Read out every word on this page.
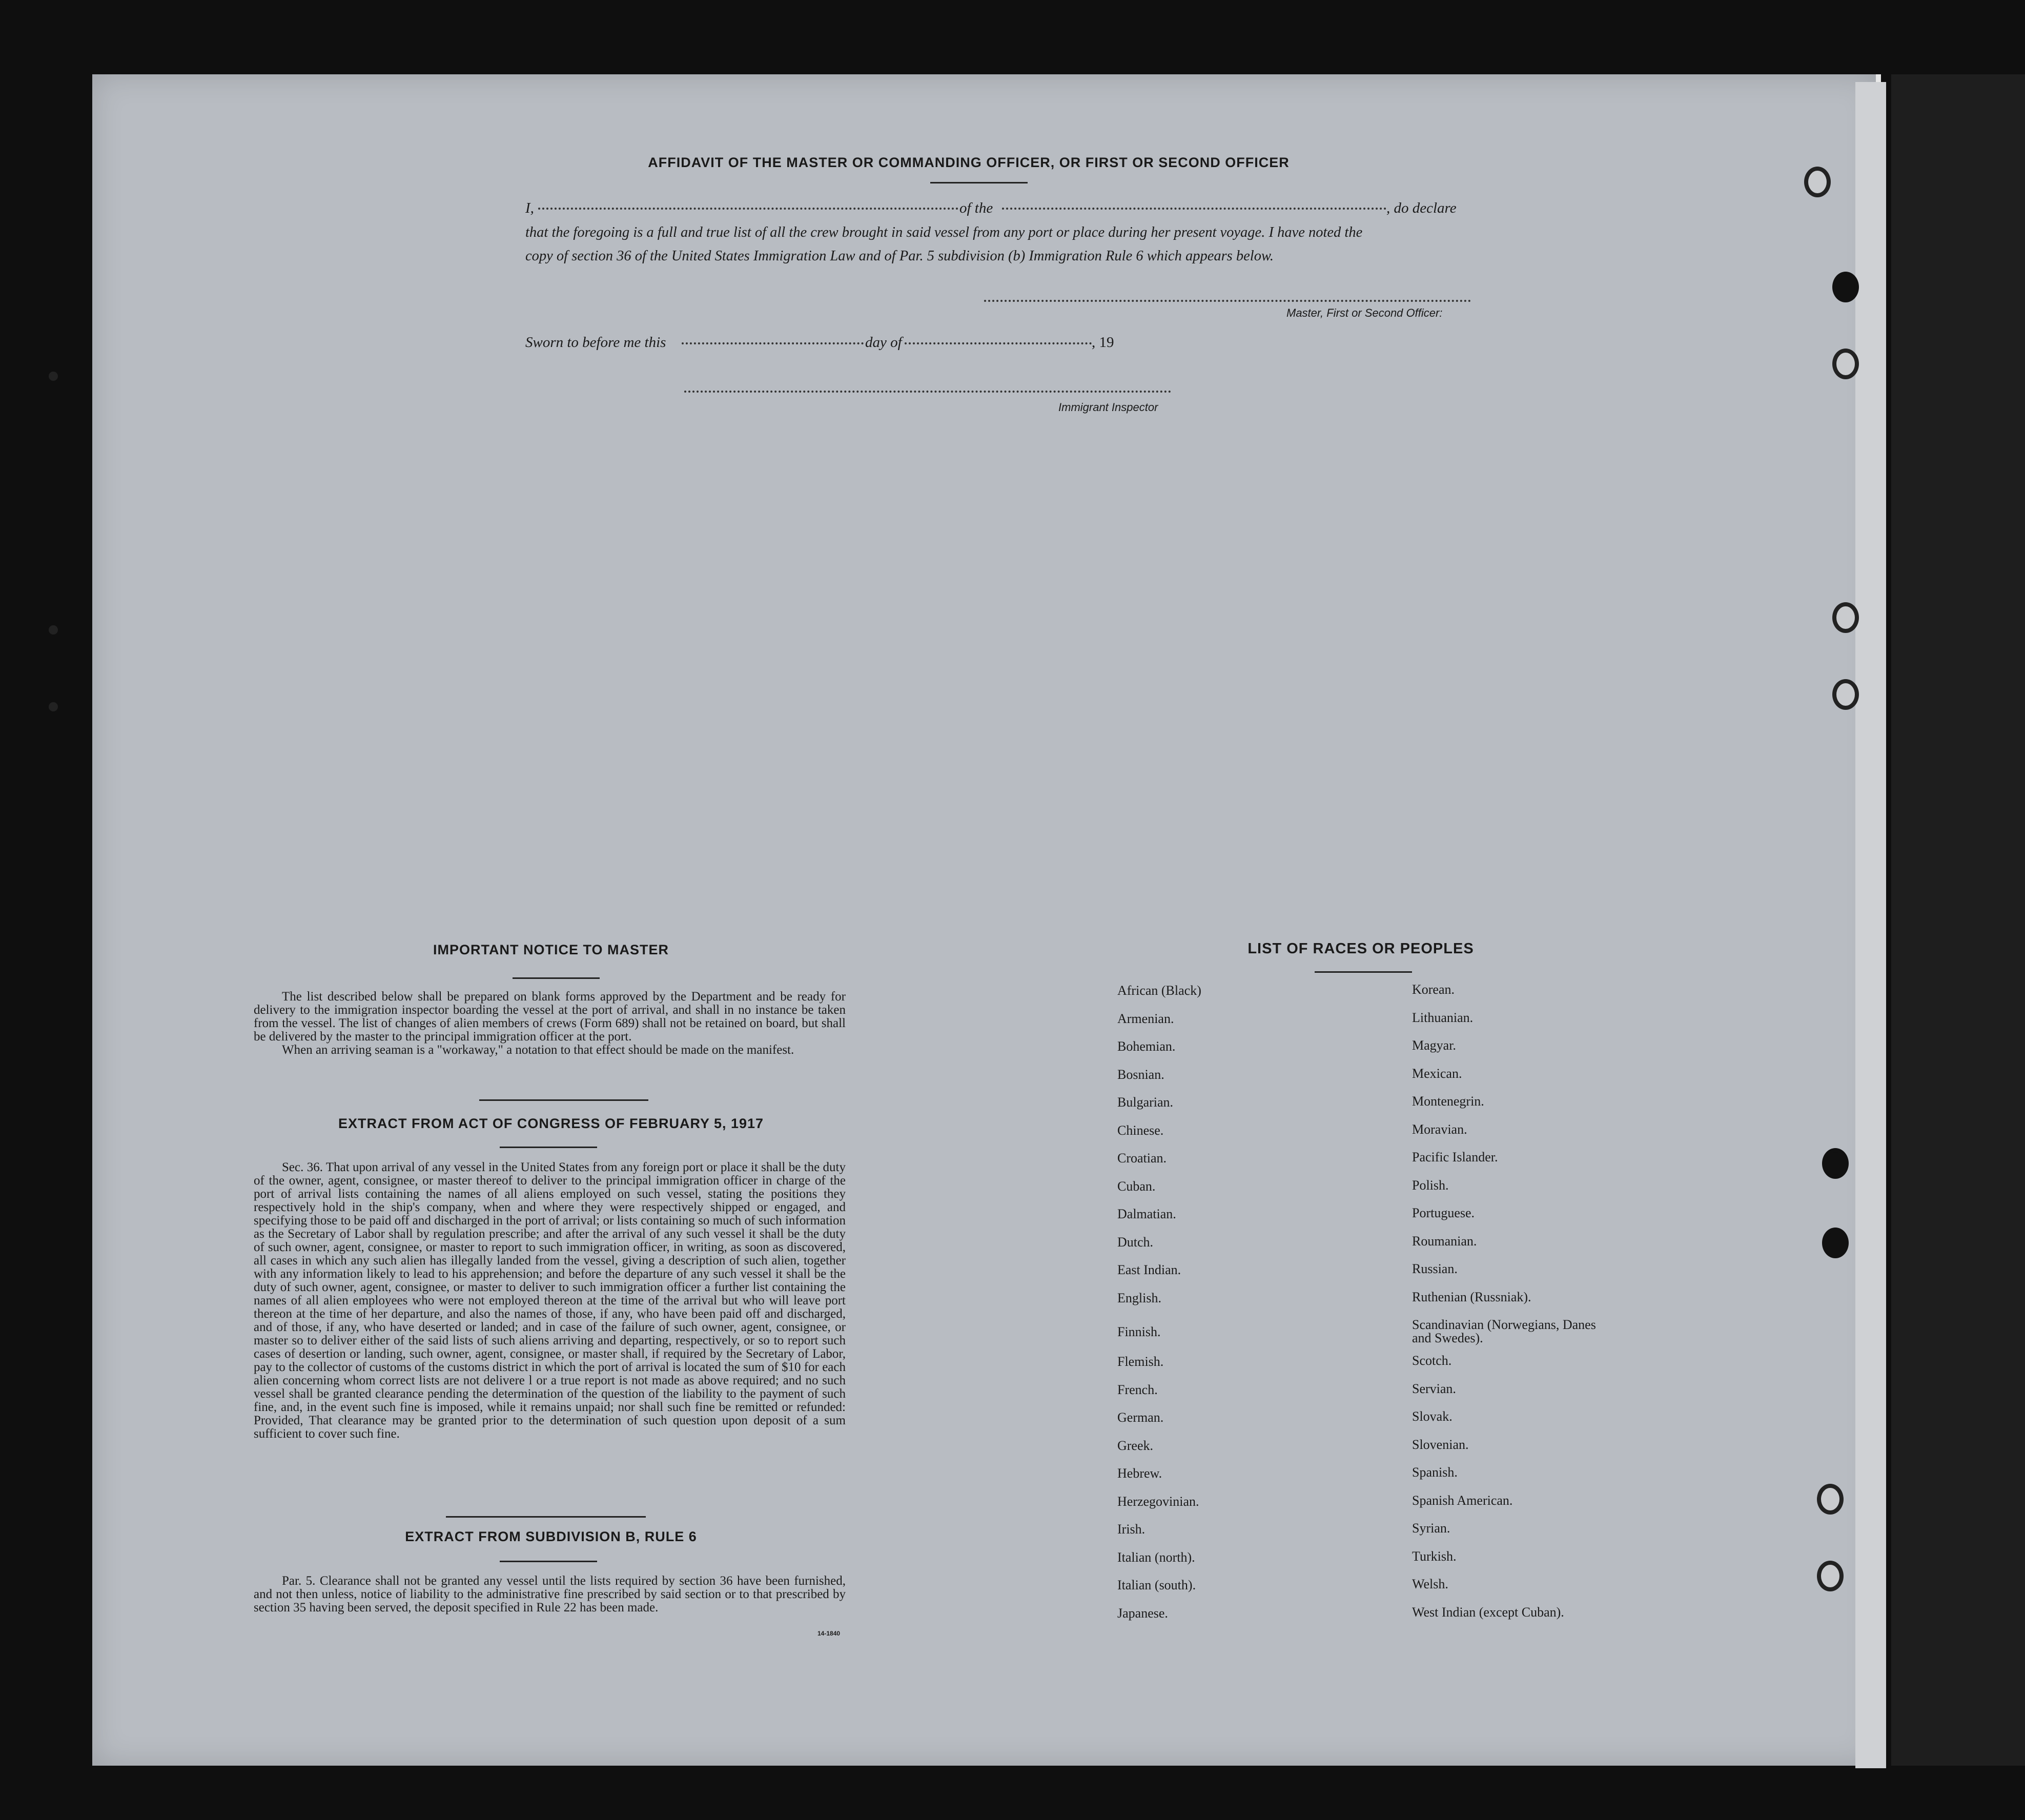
AFFIDAVIT OF THE MASTER OR COMMANDING OFFICER, OR FIRST OR SECOND OFFICER
I,	of the	, do declare
that the foregoing is a full and true list of all the crew brought in said vessel from any port or place during her present voyage. I have noted the
copy of section 36 of the United States Immigration Law and of Par. 5 subdivision (b) Immigration Rule 6 which appears below.
Master, First or Second Officer:
Sworn to before me this	day of	, 19
Immigrant Inspector
IMPORTANT NOTICE TO MASTER

The list described below shall be prepared on blank forms approved by the Department and be ready for delivery to the immigration inspector boarding the vessel at the port of arrival, and shall in no instance be taken from the vessel. The list of changes of alien members of crews (Form 689) shall not be retained on board, but shall be delivered by the master to the principal immigration officer at the port.

When an arriving seaman is a "workaway," a notation to that effect should be made on the manifest.

EXTRACT FROM ACT OF CONGRESS OF FEBRUARY 5, 1917

Sec. 36. That upon arrival of any vessel in the United States from any foreign port or place it shall be the duty of the owner, agent, consignee, or master thereof to deliver to the principal immigration officer in charge of the port of arrival lists containing the names of all aliens employed on such vessel, stating the positions they respectively hold in the ship's company, when and where they were respectively shipped or engaged, and specifying those to be paid off and discharged in the port of arrival; or lists containing so much of such information as the Secretary of Labor shall by regulation prescribe; and after the arrival of any such vessel it shall be the duty of such owner, agent, consignee, or master to report to such immigration officer, in writing, as soon as discovered, all cases in which any such alien has illegally landed from the vessel, giving a description of such alien, together with any information likely to lead to his apprehension; and before the departure of any such vessel it shall be the duty of such owner, agent, consignee, or master to deliver to such immigration officer a further list containing the names of all alien employees who were not employed thereon at the time of the arrival but who will leave port thereon at the time of her departure, and also the names of those, if any, who have been paid off and discharged, and of those, if any, who have deserted or landed; and in case of the failure of such owner, agent, consignee, or master so to deliver either of the said lists of such aliens arriving and departing, respectively, or so to report such cases of desertion or landing, such owner, agent, consignee, or master shall, if required by the Secretary of Labor, pay to the collector of customs of the customs district in which the port of arrival is located the sum of $10 for each alien concerning whom correct lists are not delivere l or a true report is not made as above required; and no such vessel shall be granted clearance pending the determination of the question of the liability to the payment of such fine, and, in the event such fine is imposed, while it remains unpaid; nor shall such fine be remitted or refunded: Provided, That clearance may be granted prior to the determination of such question upon deposit of a sum sufficient to cover such fine.

EXTRACT FROM SUBDIVISION B, RULE 6

Par. 5. Clearance shall not be granted any vessel until the lists required by section 36 have been furnished, and not then unless, notice of liability to the administrative fine prescribed by said section or to that prescribed by section 35 having been served, the deposit specified in Rule 22 has been made.

14-1840
LIST OF RACES OR PEOPLES
African (Black)
Armenian.
Bohemian.
Bosnian.
Bulgarian.
Chinese.
Croatian.
Cuban.
Dalmatian.
Dutch.
East Indian.
English.
Finnish.
Flemish.
French.
German.
Greek.
Hebrew.
Herzegovinian.
Irish.
Italian (north).
Italian (south).
Japanese.
Korean.
Lithuanian.
Magyar.
Mexican.
Montenegrin.
Moravian.
Pacific Islander.
Polish.
Portuguese.
Roumanian.
Russian.
Ruthenian (Russniak).
Scandinavian (Norwegians, Danes and Swedes).
Scotch.
Servian.
Slovak.
Slovenian.
Spanish.
Spanish American.
Syrian.
Turkish.
Welsh.
West Indian (except Cuban).
